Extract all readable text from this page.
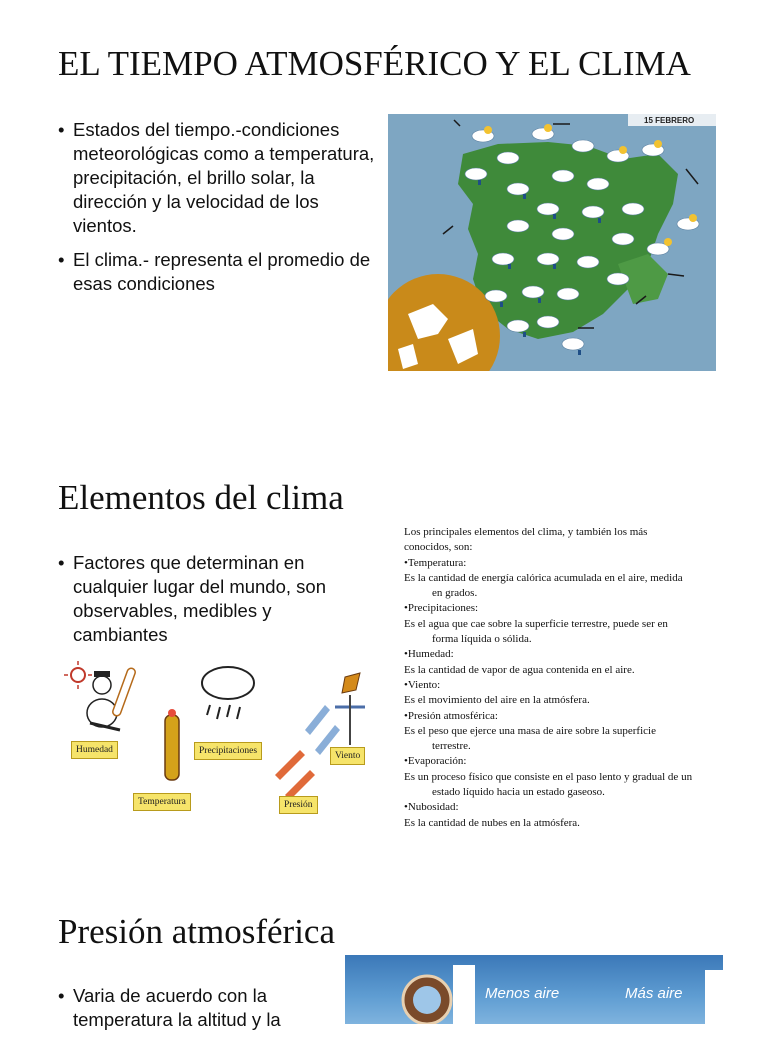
EL TIEMPO ATMOSFÉRICO Y EL CLIMA
• Estados del tiempo.-condiciones meteorológicas como a temperatura, precipitación, el brillo solar, la dirección y la velocidad de los vientos.
• El clima.- representa el promedio de esas condiciones
15 FEBRERO
Elementos del clima
• Factores que determinan en cualquier lugar del mundo, son observables, medibles y cambiantes
Humedad
Temperatura
Precipitaciones
Presión
Viento
Los principales elementos del clima, y también los más
conocidos, son:
•Temperatura:
Es la cantidad de energía calórica acumulada en el aire, medida
en grados.
•Precipitaciones:
Es el agua que cae sobre la superficie terrestre, puede ser en
forma líquida o sólida.
•Humedad:
Es la cantidad de vapor de agua contenida en el aire.
•Viento:
Es el movimiento del aire en la atmósfera.
•Presión atmosférica:
Es el peso que ejerce una masa de aire sobre la superficie
terrestre.
•Evaporación:
Es un proceso físico que consiste en el paso lento y gradual de un
estado líquido hacia un estado gaseoso.
•Nubosidad:
Es la cantidad de nubes en la atmósfera.
Presión atmosférica
• Varia de acuerdo con la temperatura la altitud y la
Menos aire	Más aire
